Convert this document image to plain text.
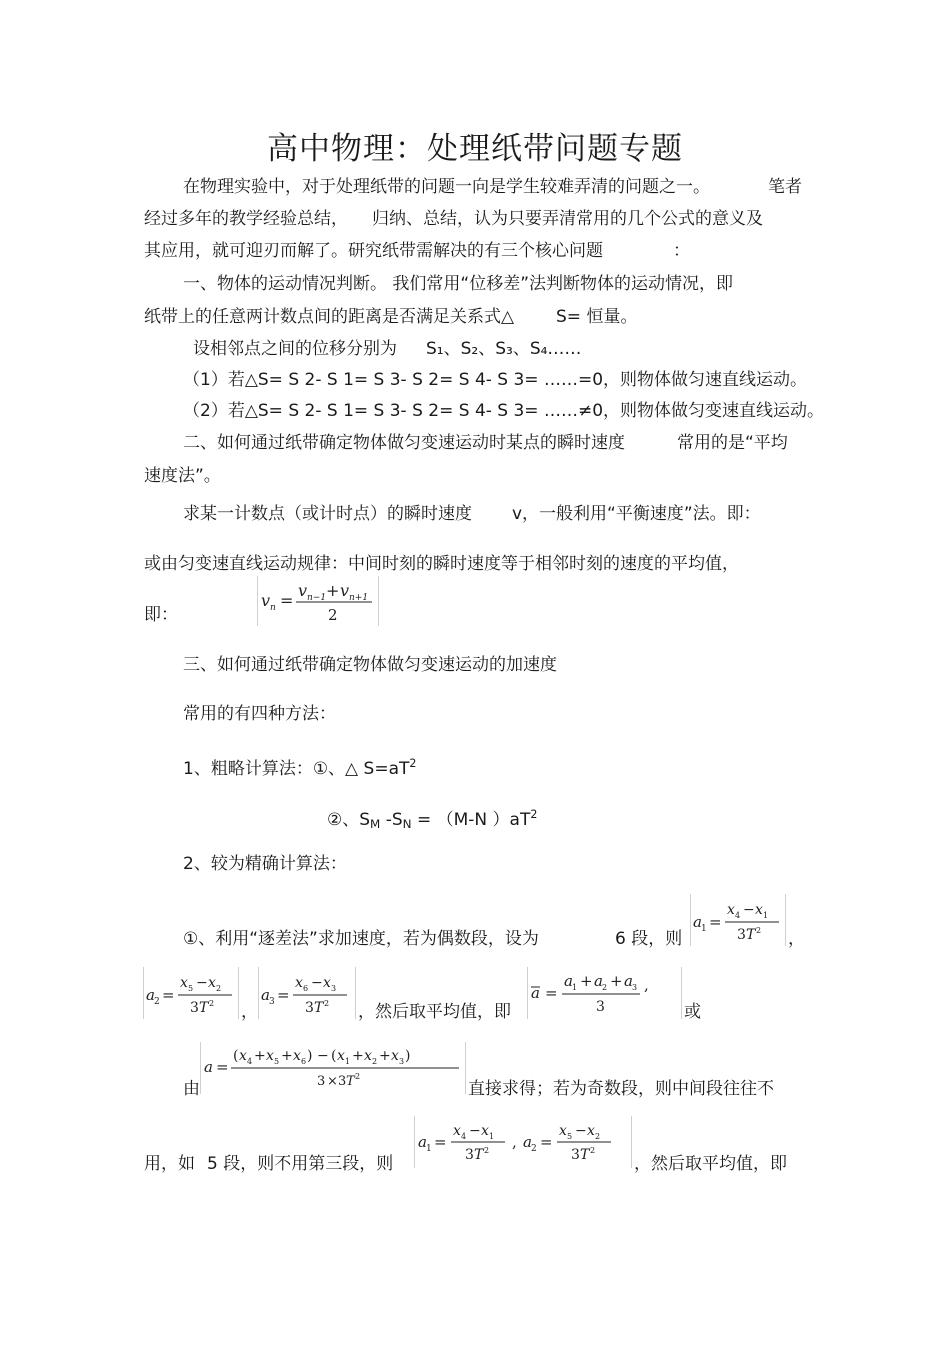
高中物理：处理纸带问题专题
在物理实验中，对于处理纸带的问题一向是学生较难弄清的问题之一。	笔者
经过多年的教学经验总结， 归纳、总结，认为只要弄清常用的几个公式的意义及
其应用，就可迎刃而解了。研究纸带需解决的有三个核心问题	：
一、物体的运动情况判断。 我们常用“位移差”法判断物体的运动情况，即
纸带上的任意两计数点间的距离是否满足关系式△ S= 恒量。
设相邻点之间的位移分别为 S₁、S₂、S₃、S₄……
（1）若△S= S 2- S 1= S 3- S 2= S 4- S 3= ……=0，则物体做匀速直线运动。
（2）若△S= S 2- S 1= S 3- S 2= S 4- S 3= ……≠0，则物体做匀变速直线运动。
二、如何通过纸带确定物体做匀变速运动时某点的瞬时速度	常用的是“平均
速度法”。
求某一计数点（或计时点）的瞬时速度 v，一般利用“平衡速度”法。即：
或由匀变速直线运动规律：中间时刻的瞬时速度等于相邻时刻的速度的平均值，
即：
v n =
v n−1 + v n+1
2
三、如何通过纸带确定物体做匀变速运动的加速度
常用的有四种方法：
1、粗略计算法：①、△ $S=aT^2$
②、$S_M$ $-S_N = (M-N$ ）$aT^2$
2、较为精确计算法：
①、利用“逐差法”求加速度，若为偶数段，设为	6 段，则
a 1 =
x 4 − x 1
3 T 2 ，
a 2 =
x 5 − x 2
3 T 2 ，
a 3 =
x 6 − x 3
3 T 2 ，然后取平均值，即
a =
a 1 + a 2 + a 3 ,
3	或
由
a =
( x 4 + x 5 + x 6 ) − ( x 1 + x 2 + x 3 )
3 × 3 T 2
直接求得；若为奇数段，则中间段往往不
用，如 5 段，则不用第三段，则
a 1 =
x 4 − x 1
3 T 2 , a 2 =
x 5 − x 2
3 T 2
，然后取平均值，即
